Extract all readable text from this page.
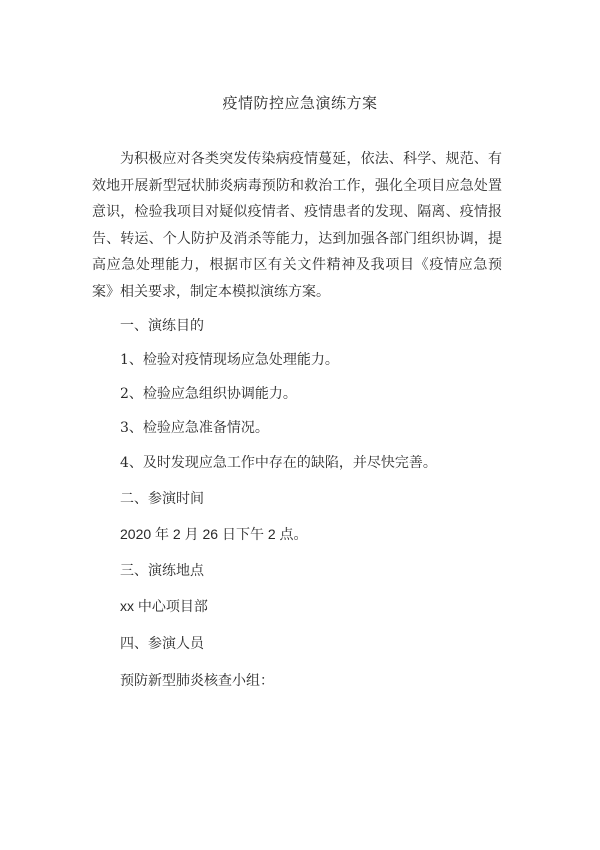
疫情防控应急演练方案

为积极应对各类突发传染病疫情蔓延，依法、科学、规范、有效地开展新型冠状肺炎病毒预防和救治工作，强化全项目应急处置意识，检验我项目对疑似疫情者、疫情患者的发现、隔离、疫情报告、转运、个人防护及消杀等能力，达到加强各部门组织协调，提高应急处理能力，根据市区有关文件精神及我项目《疫情应急预案》相关要求，制定本模拟演练方案。

一、演练目的

1、检验对疫情现场应急处理能力。

2、检验应急组织协调能力。

3、检验应急准备情况。

4、及时发现应急工作中存在的缺陷，并尽快完善。

二、参演时间

2020 年 2 月 26 日下午 2 点。

三、演练地点

xx 中心项目部

四、参演人员

预防新型肺炎核查小组：
